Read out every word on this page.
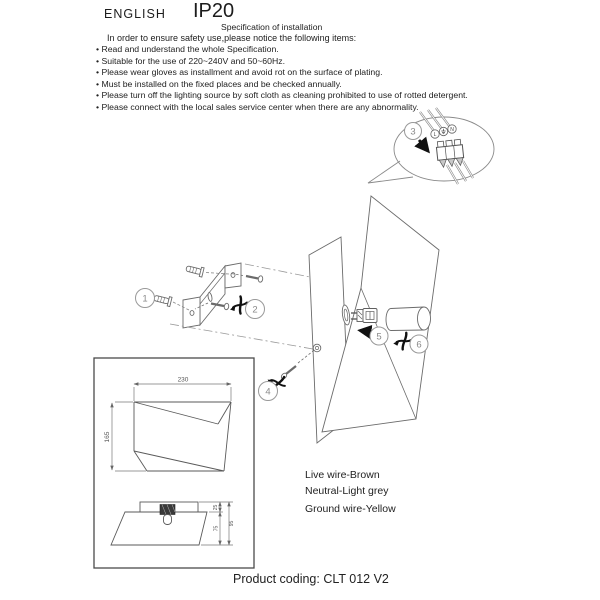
ENGLISH IP20
Specification of installation
In order to ensure safety use,please notice the following items:
• Read and understand the whole Specification.
• Suitable for the use of 220~240V and 50~60Hz.
• Please wear gloves as installment and avoid rot on the surface of plating.
• Must be installed on the fixed places and be checked annually.
• Please turn off the lighting source by soft cloth as cleaning prohibited to use of rotted detergent.
• Please connect with the local sales service center when there are any abnormality.
L
N
3
1
2
5
6
4
230
165
25
75
95
Live wire-Brown
Neutral-Light grey
Ground wire-Yellow
Product coding: CLT 012 V2
